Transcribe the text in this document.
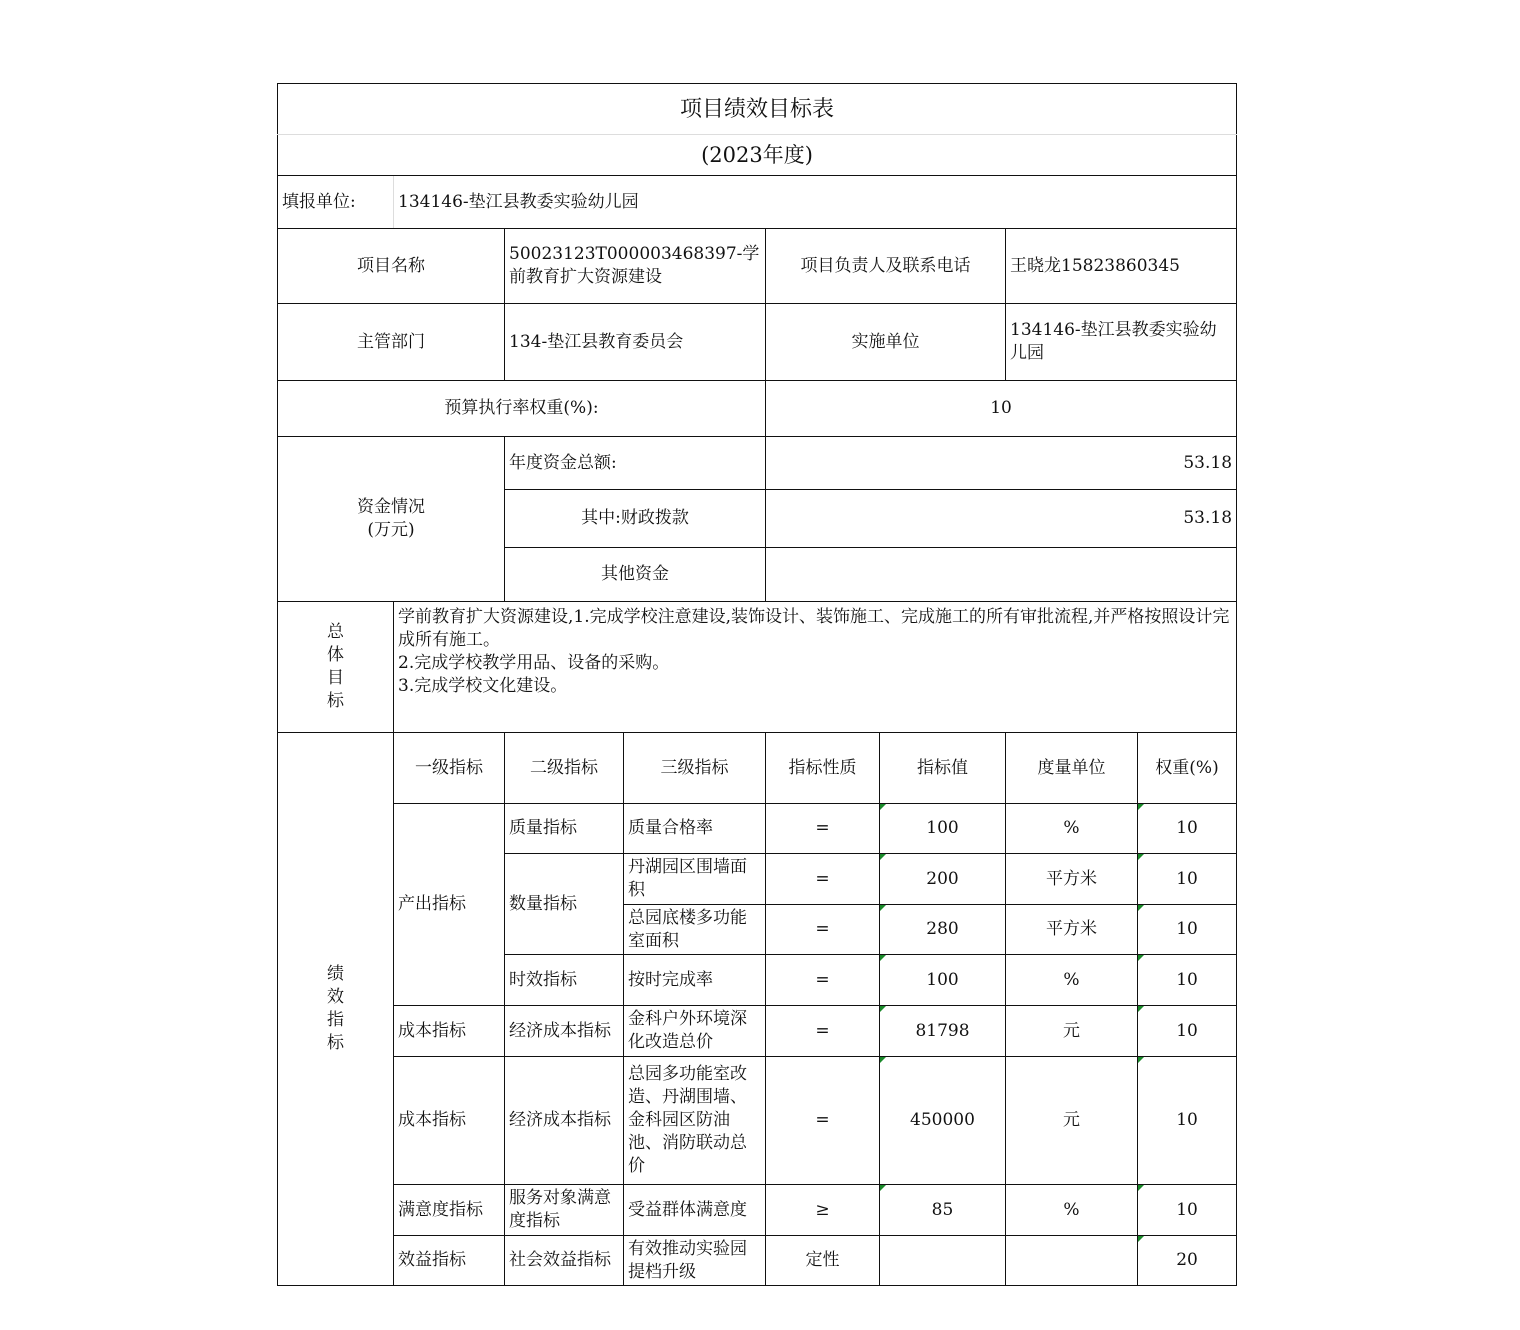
项目绩效目标表							
(2023年度)							
填报单位:	134146-垫江县教委实验幼儿园						
项目名称		50023123T000003468397-学前教育扩大资源建设		项目负责人及联系电话		王晓龙15823860345	
主管部门		134-垫江县教育委员会		实施单位		134146-垫江县教委实验幼儿园	
预算执行率权重(%):				10			

资金情况
(万元)		年度资金总额:		53.18			
		其中:财政拨款		53.18			
		其他资金					

总体目标	学前教育扩大资源建设,1.完成学校注意建设,装饰设计、装饰施工、完成施工的所有审批流程,并严格按照设计完成所有施工。
2.完成学校教学用品、设备的采购。
3.完成学校文化建设。						

绩效指标	一级指标	二级指标	三级指标	指标性质	指标值	度量单位	权重(%)
	产出指标	质量指标	质量合格率	=	100	%	10
		数量指标	丹湖园区围墙面积	=	200	平方米	10
			总园底楼多功能室面积	=	280	平方米	10
		时效指标	按时完成率	=	100	%	10
	成本指标	经济成本指标	金科户外环境深化改造总价	=	81798	元	10
	成本指标	经济成本指标	总园多功能室改造、丹湖围墙、金科园区防油池、消防联动总价	=	450000	元	10
	满意度指标	服务对象满意度指标	受益群体满意度	≥	85	%	10
	效益指标	社会效益指标	有效推动实验园提档升级	定性			20
